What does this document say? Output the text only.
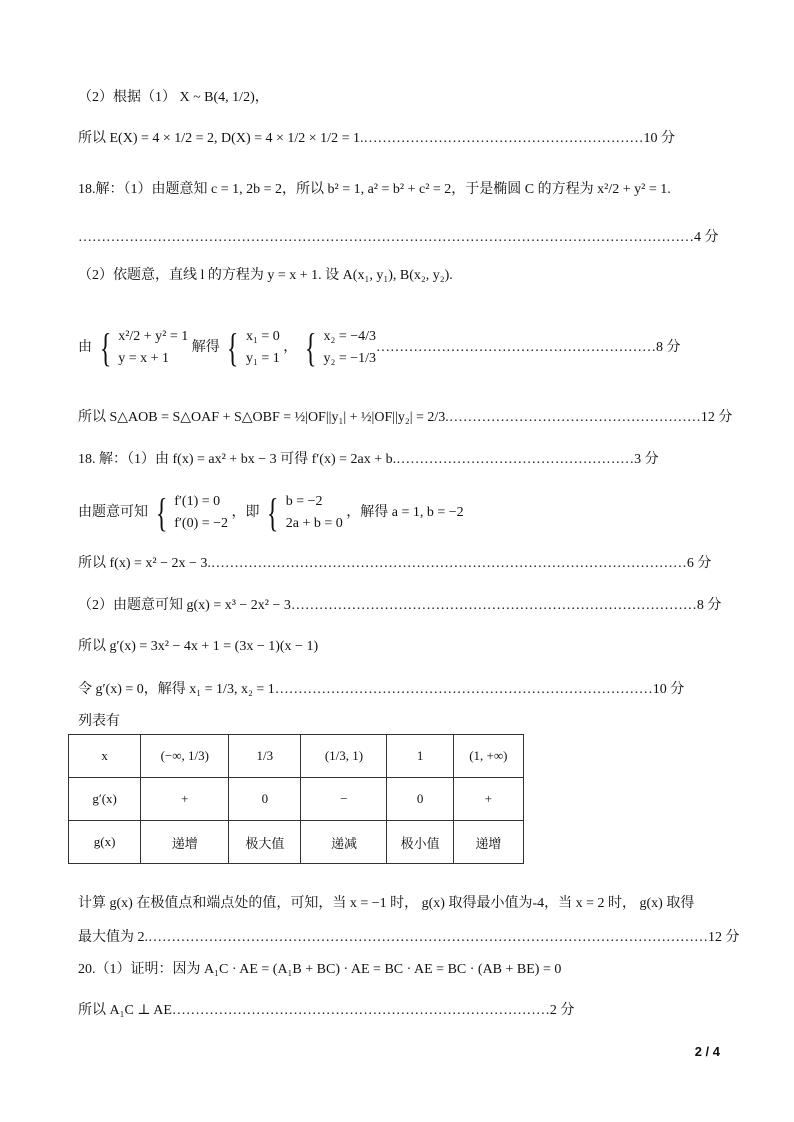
（2）根据（1） X ~ B(4, 1/2)，
所以 E(X) = 4 × 1/2 = 2, D(X) = 4 × 1/2 × 1/2 = 1.……………………………………………………10 分
18.解：（1）由题意知 c = 1, 2b = 2，所以 b² = 1, a² = b² + c² = 2，于是椭圆 C 的方程为 x²/2 + y² = 1.
……………………………………………………………………………………………………………………4 分
（2）依题意，直线 l 的方程为 y = x + 1. 设 A(x₁, y₁), B(x₂, y₂).
由 { x²/2 + y² = 1
y = x + 1
解得 { x₁ = 0
y₁ = 1
， { x₂ = −4/3
y₂ = −1/3
……………………………………………………8 分
所以 S△AOB = S△OAF + S△OBF = ½|OF||y₁| + ½|OF||y₂| = 2/3.………………………………………………12 分
18. 解：（1）由 f(x) = ax² + bx − 3 可得 f′(x) = 2ax + b.……………………………………………3 分
由题意可知 { f′(1) = 0
f′(0) = −2
，即 { b = −2
2a + b = 0
，解得 a = 1, b = −2
所以 f(x) = x² − 2x − 3.…………………………………………………………………………………………6 分
（2）由题意可知 g(x) = x³ − 2x² − 3……………………………………………………………………………8 分
所以 g′(x) = 3x² − 4x + 1 = (3x − 1)(x − 1)
令 g′(x) = 0，解得 x₁ = 1/3, x₂ = 1………………………………………………………………………10 分
列表有
x	(−∞, 1/3)	1/3	(1/3, 1)	1	(1, +∞)
g′(x)	+	0	−	0	+
g(x)	递增	极大值	递减	极小值	递增
计算 g(x) 在极值点和端点处的值，可知，当 x = −1 时， g(x) 取得最小值为-4，当 x = 2 时， g(x) 取得
最大值为 2.…………………………………………………………………………………………………………12 分
20.（1）证明：因为 A₁C · AE = (A₁B + BC) · AE = BC · AE = BC · (AB + BE) = 0
所以 A₁C ⊥ AE………………………………………………………………………2 分
2 / 4
